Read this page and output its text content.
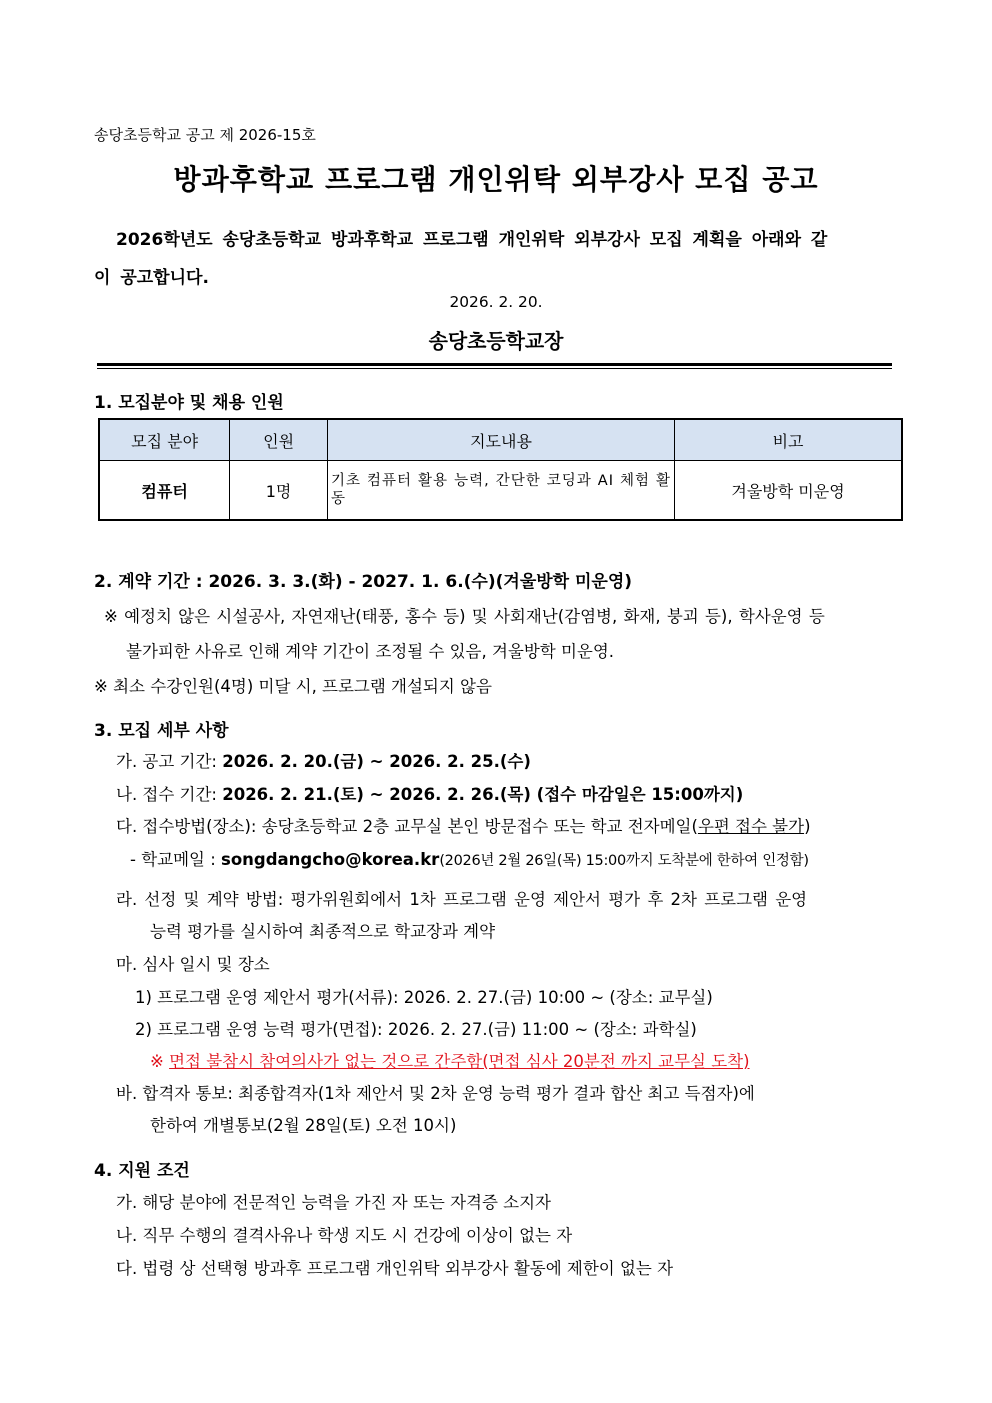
송당초등학교 공고 제 2026-15호
방과후학교 프로그램 개인위탁 외부강사 모집 공고
2026학년도 송당초등학교 방과후학교 프로그램 개인위탁 외부강사 모집 계획을 아래와 같
이 공고합니다.
2026. 2. 20.
송당초등학교장
1. 모집분야 및 채용 인원
모집 분야	인원	지도내용	비고
컴퓨터	1명	기초 컴퓨터 활용 능력, 간단한 코딩과 AI 체험 활동	겨울방학 미운영
2. 계약 기간 : 2026. 3. 3.(화) - 2027. 1. 6.(수)(겨울방학 미운영)
※ 예정치 않은 시설공사, 자연재난(태풍, 홍수 등) 및 사회재난(감염병, 화재, 붕괴 등), 학사운영 등
불가피한 사유로 인해 계약 기간이 조정될 수 있음, 겨울방학 미운영.
※ 최소 수강인원(4명) 미달 시, 프로그램 개설되지 않음
3. 모집 세부 사항
가. 공고 기간: 2026. 2. 20.(금) ~ 2026. 2. 25.(수)
나. 접수 기간: 2026. 2. 21.(토) ~ 2026. 2. 26.(목) (접수 마감일은 15:00까지)
다. 접수방법(장소): 송당초등학교 2층 교무실 본인 방문접수 또는 학교 전자메일(우편 접수 불가)
- 학교메일 : songdangcho@korea.kr(2026년 2월 26일(목) 15:00까지 도착분에 한하여 인정함)
라. 선정 및 계약 방법: 평가위원회에서 1차 프로그램 운영 제안서 평가 후 2차 프로그램 운영
능력 평가를 실시하여 최종적으로 학교장과 계약
마. 심사 일시 및 장소
1) 프로그램 운영 제안서 평가(서류): 2026. 2. 27.(금) 10:00 ~ (장소: 교무실)
2) 프로그램 운영 능력 평가(면접): 2026. 2. 27.(금) 11:00 ~ (장소: 과학실)
※ 면접 불참시 참여의사가 없는 것으로 간주함(면접 심사 20분전 까지 교무실 도착)
바. 합격자 통보: 최종합격자(1차 제안서 및 2차 운영 능력 평가 결과 합산 최고 득점자)에
한하여 개별통보(2월 28일(토) 오전 10시)
4. 지원 조건
가. 해당 분야에 전문적인 능력을 가진 자 또는 자격증 소지자
나. 직무 수행의 결격사유나 학생 지도 시 건강에 이상이 없는 자
다. 법령 상 선택형 방과후 프로그램 개인위탁 외부강사 활동에 제한이 없는 자
